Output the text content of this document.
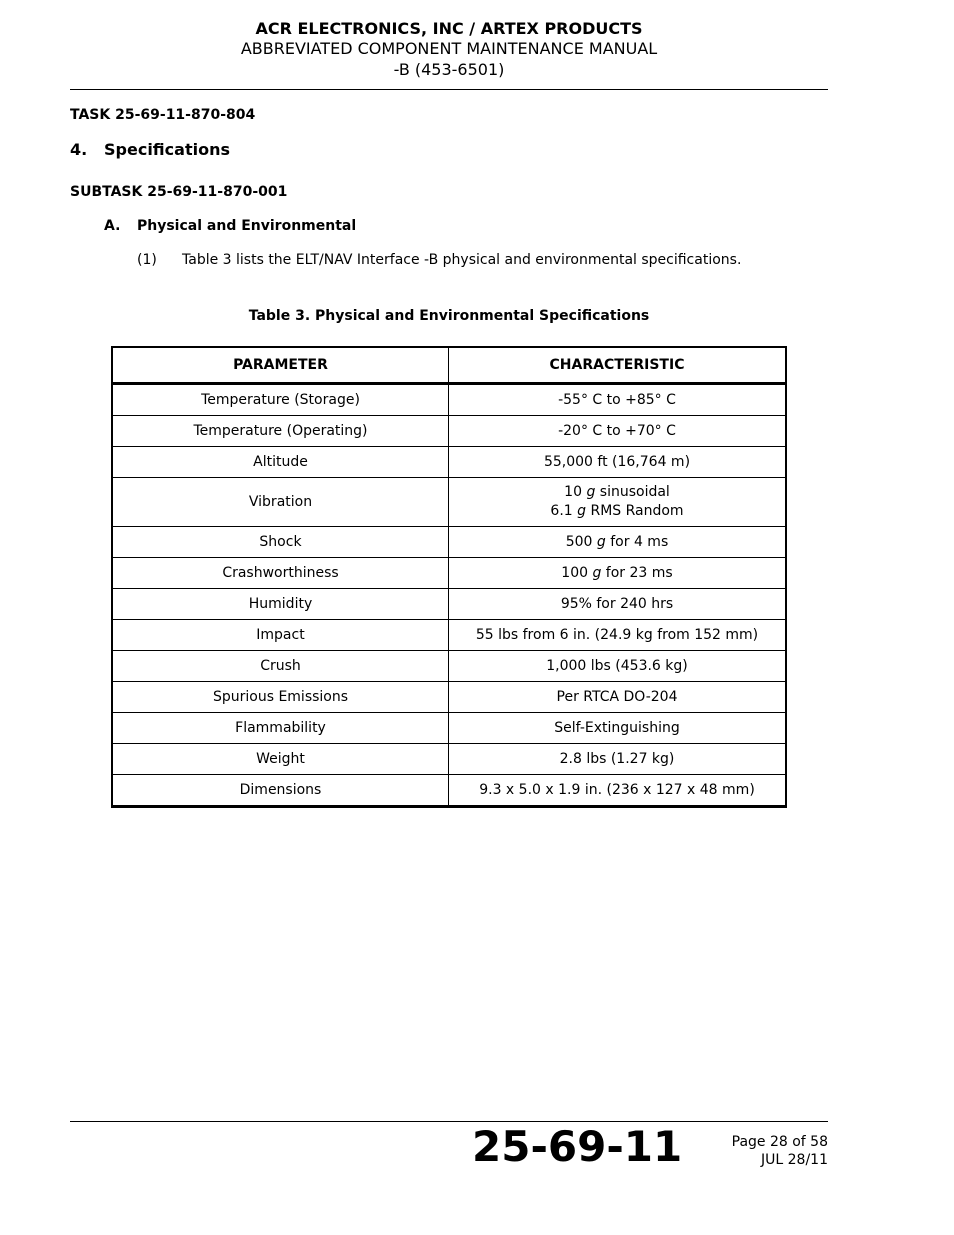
ACR ELECTRONICS, INC / ARTEX PRODUCTS
ABBREVIATED COMPONENT MAINTENANCE MANUAL
-B (453-6501)
TASK 25-69-11-870-804
4. Specifications
SUBTASK 25-69-11-870-001
A. Physical and Environmental
(1) Table 3 lists the ELT/NAV Interface -B physical and environmental specifications.
Table 3. Physical and Environmental Specifications
PARAMETER	CHARACTERISTIC
Temperature (Storage)	-55° C to +85° C
Temperature (Operating)	-20° C to +70° C
Altitude	55,000 ft (16,764 m)
Vibration	10 g sinusoidal
6.1 g RMS Random

Shock	500 g for 4 ms
Crashworthiness	100 g for 23 ms
Humidity	95% for 240 hrs
Impact	55 lbs from 6 in. (24.9 kg from 152 mm)
Crush	1,000 lbs (453.6 kg)
Spurious Emissions	Per RTCA DO-204
Flammability	Self-Extinguishing
Weight	2.8 lbs (1.27 kg)
Dimensions	9.3 x 5.0 x 1.9 in. (236 x 127 x 48 mm)
25-69-11	Page 28 of 58
JUL 28/11
